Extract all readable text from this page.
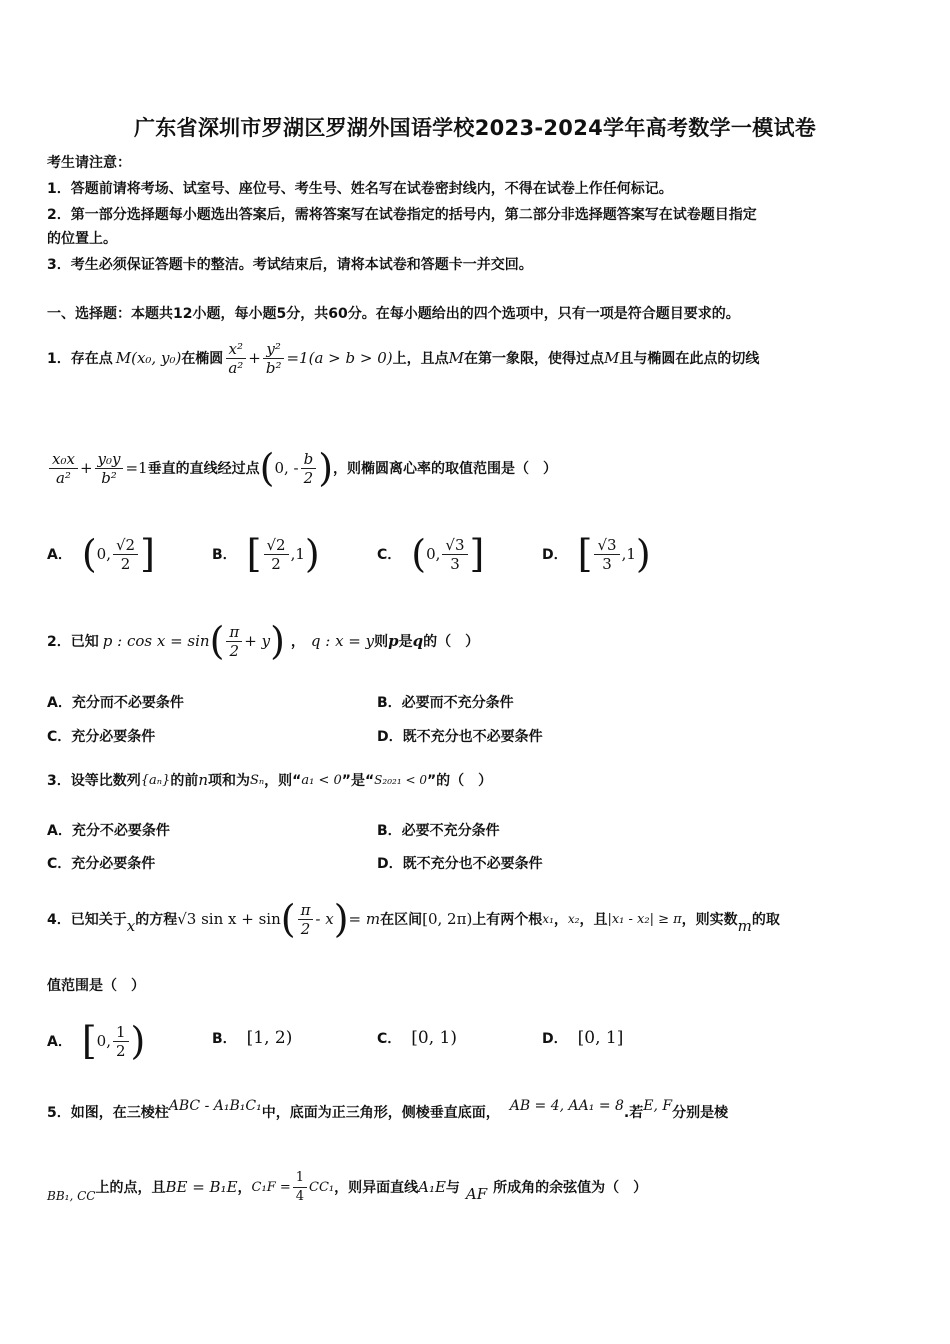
广东省深圳市罗湖区罗湖外国语学校2023-2024学年高考数学一模试卷
考生请注意：
1．答题前请将考场、试室号、座位号、考生号、姓名写在试卷密封线内，不得在试卷上作任何标记。
2．第一部分选择题每小题选出答案后，需将答案写在试卷指定的括号内，第二部分非选择题答案写在试卷题目指定
的位置上。
3．考生必须保证答题卡的整洁。考试结束后，请将本试卷和答题卡一并交回。
一、选择题：本题共12小题，每小题5分，共60分。在每小题给出的四个选项中，只有一项是符合题目要求的。
1．存在点 M (x₀, y₀) 在椭圆 $\frac{\text{x²}}{\text{a²}} + \frac{\text{y²}}{\text{b²}} =1(a > b > 0)$ 上，且点 M 在第一象限，使得过点 M 且与椭圆在此点的切线
$\frac{\text{x₀x}}{\text{a²}} + \frac{\text{y₀y}}{\text{b²}} =1$ 垂直的直线经过点 ( 0, - $\frac{b}{2}$ ) ，则椭圆离心率的取值范围是（　）
A． ( 0, $\frac{√2}{2}$ ]	B． [ $\frac{√2}{2} ,1$ )	C． ( 0, $\frac{√3}{3}$ ]	D． [ $\frac{√3}{3} ,1$ )
2．已知 p : cos x = sin ( $\frac{\pi}{2} + y$ ) ， q : x = y 则 p 是 q 的（　）
A．充分而不必要条件	B．必要而不充分条件
C．充分必要条件	D．既不充分也不必要条件
3．设等比数列 {aₙ} 的前 n 项和为 Sₙ ，则“ a₁ < 0 ”是“ S₂₀₂₁ < 0 ”的（　）
A．充分不必要条件	B．必要不充分条件
C．充分必要条件	D．既不充分也不必要条件
4．已知关于 x 的方程 √3 sin x + sin ( $\frac{\pi}{2}$ - x ) = m 在区间 [0, 2π) 上有两个根 x₁ ， x₂ ，且 |x₁ - x₂| ≥ π ，则实数 m 的取
值范围是（　）
A． [ 0, $\frac{1}{2}$ )	B． [1, 2)	C． [0, 1)	D． [0, 1]
5．如图，在三棱柱 ABC - A₁B₁C₁ 中，底面为正三角形，侧棱垂直底面， AB = 4, AA₁ = 8 .若 E, F 分别是棱
BB₁, CC 上的点，且 BE = B₁E ， $C_1F = \frac{1}{4} CC_1$ ，则异面直线 A₁E 与 AF 所成角的余弦值为（　）
